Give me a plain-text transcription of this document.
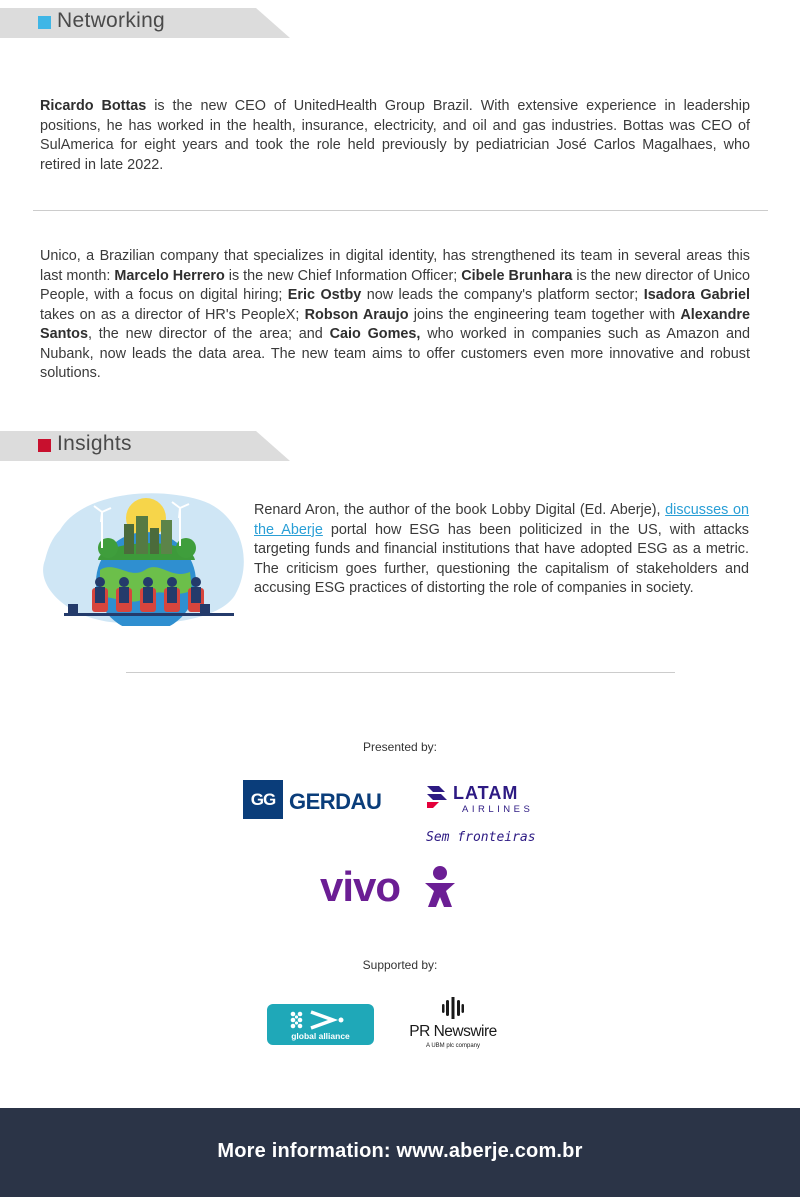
Networking

Ricardo Bottas is the new CEO of UnitedHealth Group Brazil. With extensive experience in leadership positions, he has worked in the health, insurance, electricity, and oil and gas industries. Bottas was CEO of SulAmerica for eight years and took the role held previously by pediatrician José Carlos Magalhaes, who retired in late 2022.

Unico, a Brazilian company that specializes in digital identity, has strengthened its team in several areas this last month: Marcelo Herrero is the new Chief Information Officer; Cibele Brunhara is the new director of Unico People, with a focus on digital hiring; Eric Ostby now leads the company's platform sector; Isadora Gabriel takes on as a director of HR's PeopleX; Robson Araujo joins the engineering team together with Alexandre Santos, the new director of the area; and Caio Gomes, who worked in companies such as Amazon and Nubank, now leads the data area. The new team aims to offer customers even more innovative and robust solutions.

Insights

Renard Aron, the author of the book Lobby Digital (Ed. Aberje), discusses on the Aberje portal how ESG has been politicized in the US, with attacks targeting funds and financial institutions that have adopted ESG as a metric. The criticism goes further, questioning the capitalism of stakeholders and accusing ESG practices of distorting the role of companies in society.

Presented by:
GG GERDAU	LATAM
AIRLINES
Sem fronteiras
vivo
Supported by:
global alliance	PR Newswire
A UBM plc company
More information: www.aberje.com.br
